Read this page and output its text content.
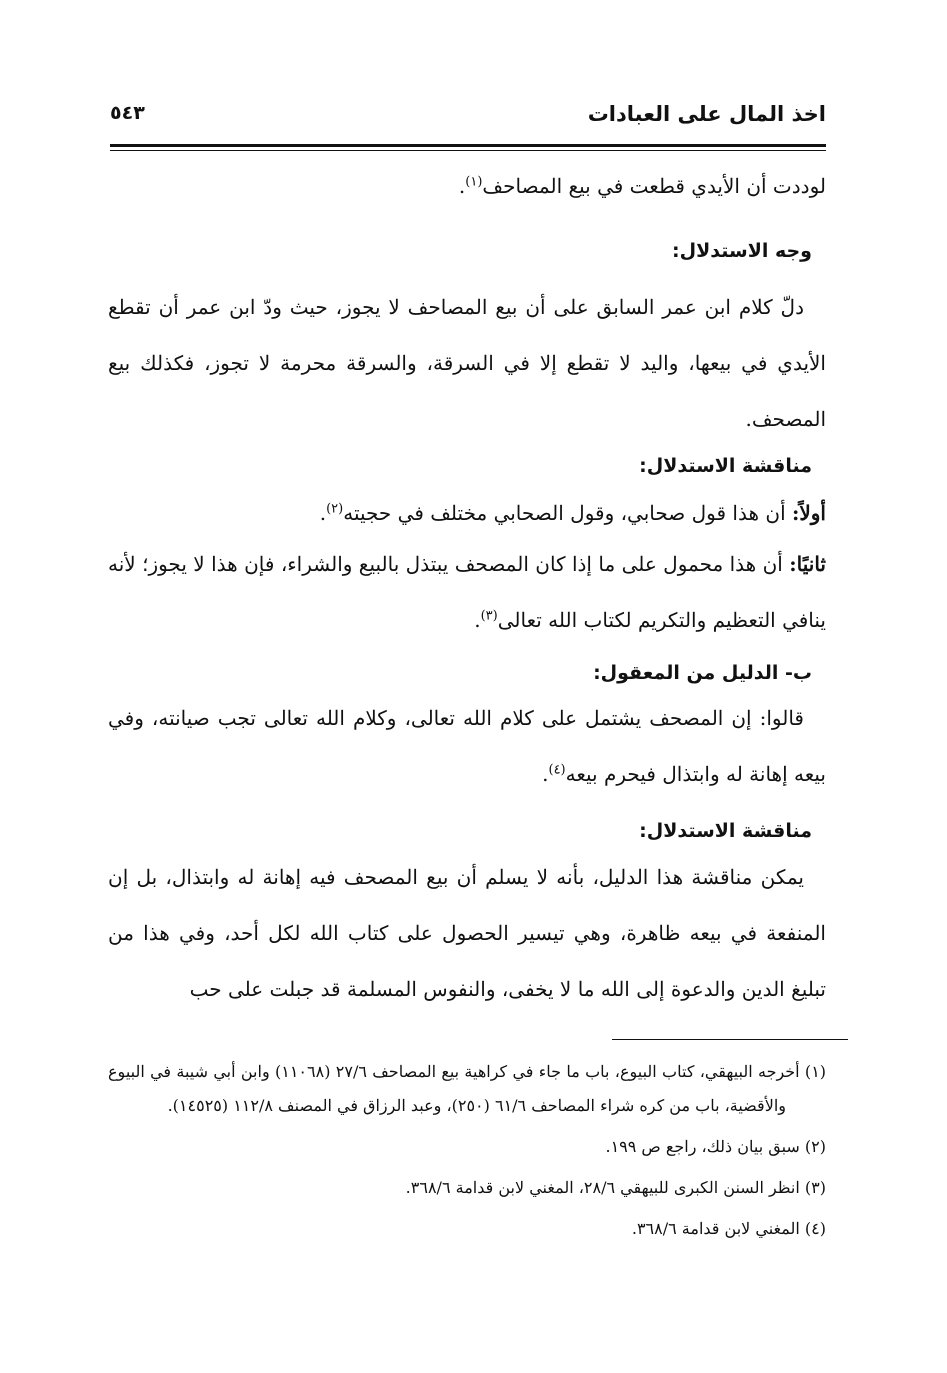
اخذ المال على العبادات
٥٤٣

لوددت أن الأيدي قطعت في بيع المصاحف$^{(١)}$.

وجه الاستدلال:

دلّ كلام ابن عمر السابق على أن بيع المصاحف لا يجوز، حيث ودّ ابن عمر أن تقطع الأيدي في بيعها، واليد لا تقطع إلا في السرقة، والسرقة محرمة لا تجوز، فكذلك بيع المصحف.

مناقشة الاستدلال:

أولاً: أن هذا قول صحابي، وقول الصحابي مختلف في حجيته$^{(٢)}$.

ثانيًا: أن هذا محمول على ما إذا كان المصحف يبتذل بالبيع والشراء، فإن هذا لا يجوز؛ لأنه ينافي التعظيم والتكريم لكتاب الله تعالى$^{(٣)}$.

ب- الدليل من المعقول:

قالوا: إن المصحف يشتمل على كلام الله تعالى، وكلام الله تعالى تجب صيانته، وفي بيعه إهانة له وابتذال فيحرم بيعه$^{(٤)}$.

مناقشة الاستدلال:

يمكن مناقشة هذا الدليل، بأنه لا يسلم أن بيع المصحف فيه إهانة له وابتذال، بل إن المنفعة في بيعه ظاهرة، وهي تيسير الحصول على كتاب الله لكل أحد، وفي هذا من تبليغ الدين والدعوة إلى الله ما لا يخفى، والنفوس المسلمة قد جبلت على حب

(١) أخرجه البيهقي، كتاب البيوع، باب ما جاء في كراهية بيع المصاحف ٢٧/٦ (١١٠٦٨) وابن أبي شيبة في البيوع والأقضية، باب من كره شراء المصاحف ٦١/٦ (٢٥٠)، وعبد الرزاق في المصنف ١١٢/٨ (١٤٥٢٥).

(٢) سبق بيان ذلك، راجع ص ١٩٩.

(٣) انظر السنن الكبرى للبيهقي ٢٨/٦، المغني لابن قدامة ٣٦٨/٦.

(٤) المغني لابن قدامة ٣٦٨/٦.
